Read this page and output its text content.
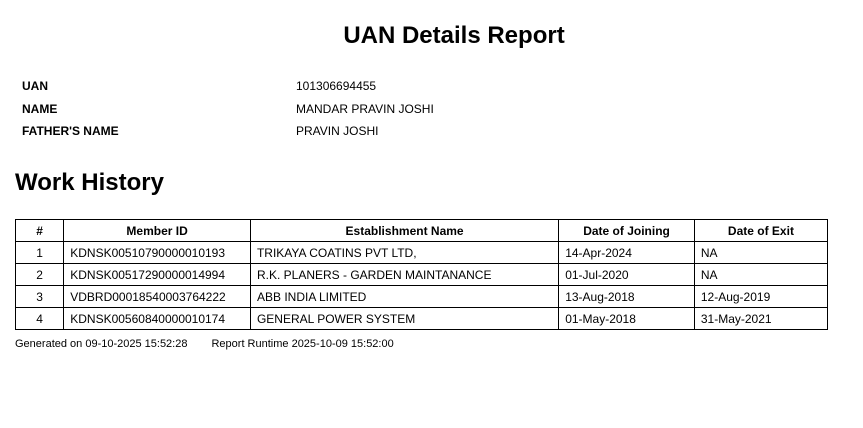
UAN Details Report
UAN	101306694455
NAME	MANDAR PRAVIN JOSHI
FATHER'S NAME	PRAVIN JOSHI
Work History
#	Member ID	Establishment Name	Date of Joining	Date of Exit
1	KDNSK00510790000010193	TRIKAYA COATINS PVT LTD,	14-Apr-2024	NA
2	KDNSK00517290000014994	R.K. PLANERS - GARDEN MAINTANANCE	01-Jul-2020	NA
3	VDBRD00018540003764222	ABB INDIA LIMITED	13-Aug-2018	12-Aug-2019
4	KDNSK00560840000010174	GENERAL POWER SYSTEM	01-May-2018	31-May-2021
Generated on 09-10-2025 15:52:28 Report Runtime 2025-10-09 15:52:00
